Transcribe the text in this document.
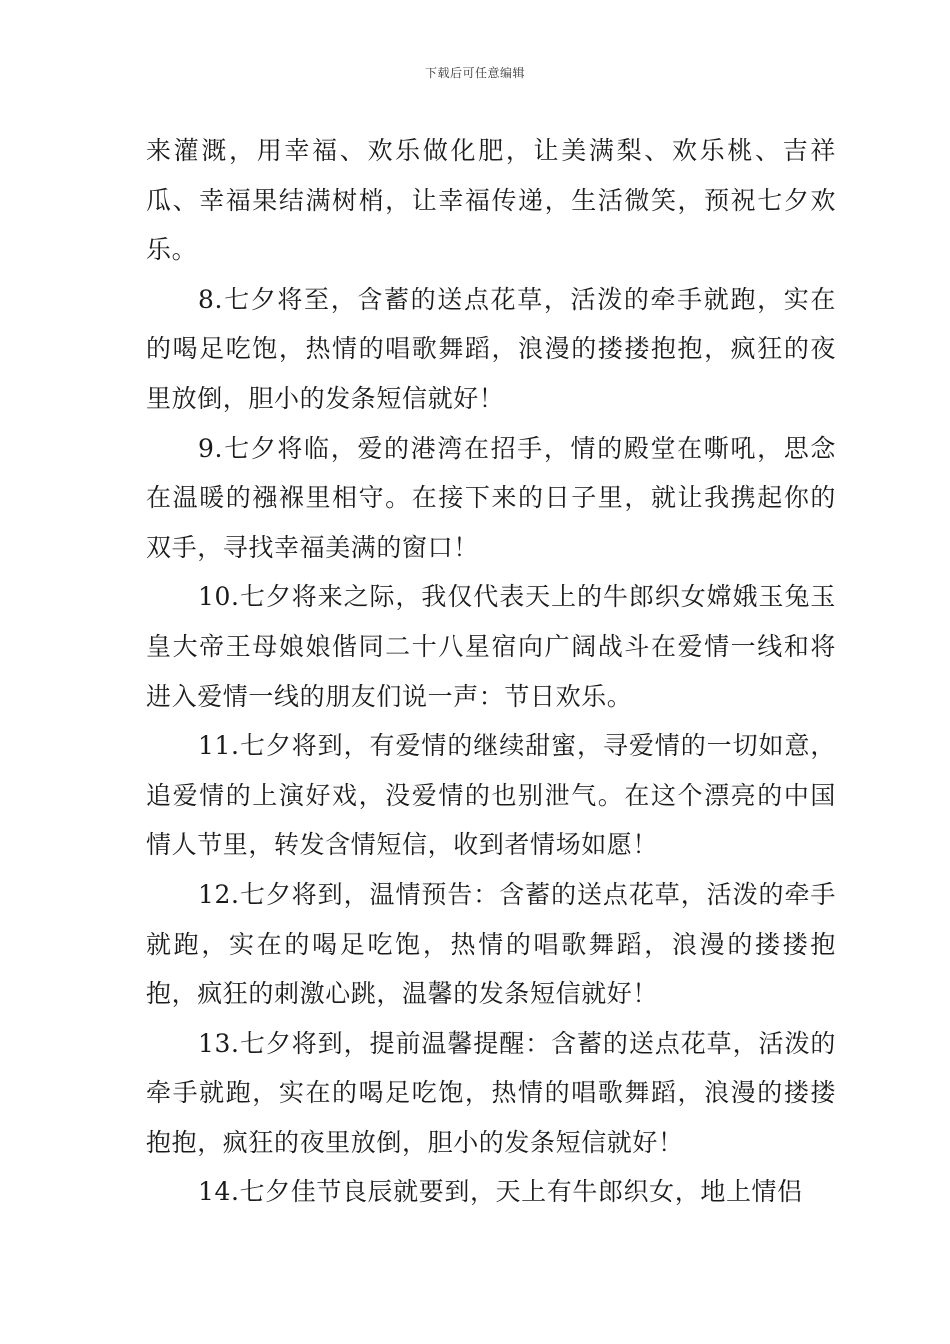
下载后可任意编辑

来灌溉，用幸福、欢乐做化肥，让美满梨、欢乐桃、吉祥瓜、幸福果结满树梢，让幸福传递，生活微笑，预祝七夕欢乐。

8.七夕将至，含蓄的送点花草，活泼的牵手就跑，实在的喝足吃饱，热情的唱歌舞蹈，浪漫的搂搂抱抱，疯狂的夜里放倒，胆小的发条短信就好！

9.七夕将临，爱的港湾在招手，情的殿堂在嘶吼，思念在温暖的襁褓里相守。在接下来的日子里，就让我携起你的双手，寻找幸福美满的窗口！

10.七夕将来之际，我仅代表天上的牛郎织女嫦娥玉兔玉皇大帝王母娘娘偕同二十八星宿向广阔战斗在爱情一线和将进入爱情一线的朋友们说一声：节日欢乐。

11.七夕将到，有爱情的继续甜蜜，寻爱情的一切如意，追爱情的上演好戏，没爱情的也别泄气。在这个漂亮的中国情人节里，转发含情短信，收到者情场如愿！

12.七夕将到，温情预告：含蓄的送点花草，活泼的牵手就跑，实在的喝足吃饱，热情的唱歌舞蹈，浪漫的搂搂抱抱，疯狂的刺激心跳，温馨的发条短信就好！

13.七夕将到，提前温馨提醒：含蓄的送点花草，活泼的牵手就跑，实在的喝足吃饱，热情的唱歌舞蹈，浪漫的搂搂抱抱，疯狂的夜里放倒，胆小的发条短信就好！

14.七夕佳节良辰就要到，天上有牛郎织女，地上情侣
